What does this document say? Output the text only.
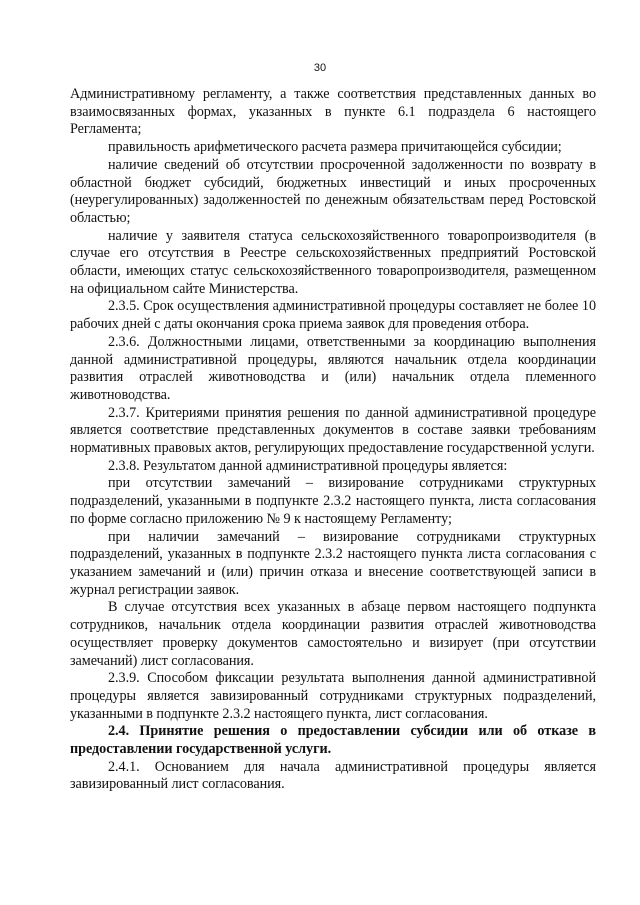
30

Административному регламенту, а также соответствия представленных данных во взаимосвязанных формах, указанных в пункте 6.1 подраздела 6 настоящего Регламента;

правильность арифметического расчета размера причитающейся субсидии;

наличие сведений об отсутствии просроченной задолженности по возврату в областной бюджет субсидий, бюджетных инвестиций и иных просроченных (неурегулированных) задолженностей по денежным обязательствам перед Ростовской областью;

наличие у заявителя статуса сельскохозяйственного товаропроизводителя (в случае его отсутствия в Реестре сельскохозяйственных предприятий Ростовской области, имеющих статус сельскохозяйственного товаропроизводителя, размещенном на официальном сайте Министерства.

2.3.5. Срок осуществления административной процедуры составляет не более 10 рабочих дней с даты окончания срока приема заявок для проведения отбора.

2.3.6. Должностными лицами, ответственными за координацию выполнения данной административной процедуры, являются начальник отдела координации развития отраслей животноводства и (или) начальник отдела племенного животноводства.

2.3.7. Критериями принятия решения по данной административной процедуре является соответствие представленных документов в составе заявки требованиям нормативных правовых актов, регулирующих предоставление государственной услуги.

2.3.8. Результатом данной административной процедуры является:

при отсутствии замечаний – визирование сотрудниками структурных подразделений, указанными в подпункте 2.3.2 настоящего пункта, листа согласования по форме согласно приложению № 9 к настоящему Регламенту;

при наличии замечаний – визирование сотрудниками структурных подразделений, указанных в подпункте 2.3.2 настоящего пункта листа согласования с указанием замечаний и (или) причин отказа и внесение соответствующей записи в журнал регистрации заявок.

В случае отсутствия всех указанных в абзаце первом настоящего подпункта сотрудников, начальник отдела координации развития отраслей животноводства осуществляет проверку документов самостоятельно и визирует (при отсутствии замечаний) лист согласования.

2.3.9. Способом фиксации результата выполнения данной административной процедуры является завизированный сотрудниками структурных подразделений, указанными в подпункте 2.3.2 настоящего пункта, лист согласования.

2.4. Принятие решения о предоставлении субсидии или об отказе в предоставлении государственной услуги.

2.4.1. Основанием для начала административной процедуры является завизированный лист согласования.
